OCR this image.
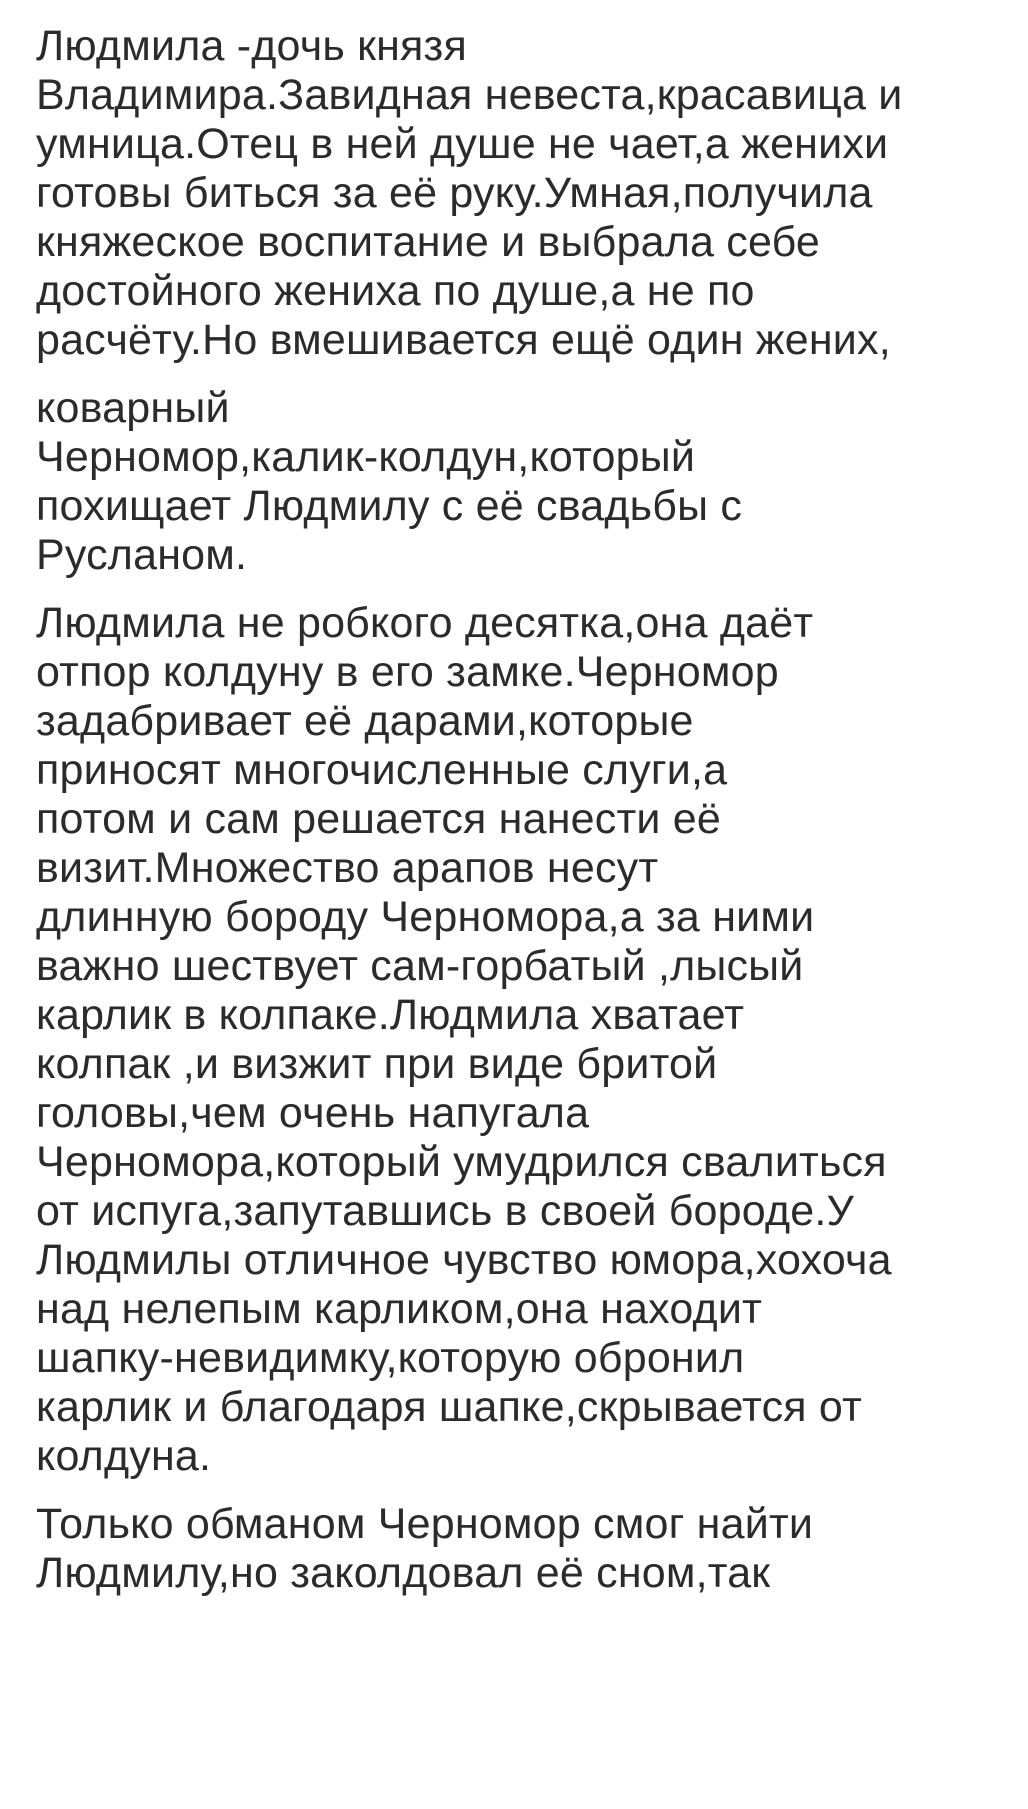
Людмила -дочь князя

Владимира.Завидная невеста,красавица и

умница.Отец в ней душе не чает,а женихи

готовы биться за её руку.Умная,получила

княжеское воспитание и выбрала себе

достойного жениха по душе,а не по

расчёту.Но вмешивается ещё один жених,

коварный

Черномор,калик-колдун,который

похищает Людмилу с её свадьбы с

Русланом.

Людмила не робкого десятка,она даёт

отпор колдуну в его замке.Черномор

задабривает её дарами,которые

приносят многочисленные слуги,а

потом и сам решается нанести её

визит.Множество арапов несут

длинную бороду Черномора,а за ними

важно шествует сам-горбатый ,лысый

карлик в колпаке.Людмила хватает

колпак ,и визжит при виде бритой

головы,чем очень напугала

Черномора,который умудрился свалиться

от испуга,запутавшись в своей бороде.У

Людмилы отличное чувство юмора,хохоча

над нелепым карликом,она находит

шапку-невидимку,которую обронил

карлик и благодаря шапке,скрывается от

колдуна.

Только обманом Черномор смог найти

Людмилу,но заколдовал её сном,так
